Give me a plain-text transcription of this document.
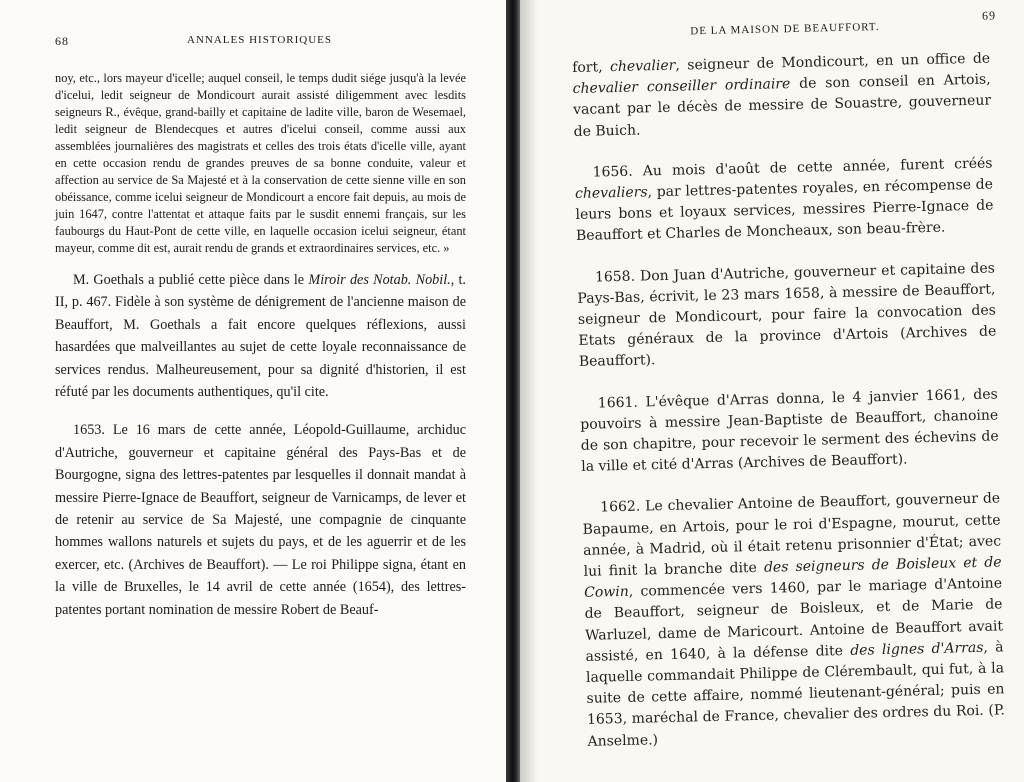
68	ANNALES HISTORIQUES
noy, etc., lors mayeur d'icelle; auquel conseil, le temps dudit siége jusqu'à la levée d'icelui, ledit seigneur de Mondicourt aurait assisté diligemment avec lesdits seigneurs R., évêque, grand-bailly et capitaine de ladite ville, baron de Wesemael, ledit seigneur de Blendecques et autres d'icelui conseil, comme aussi aux assemblées journalières des magistrats et celles des trois états d'icelle ville, ayant en cette occasion rendu de grandes preuves de sa bonne conduite, valeur et affection au service de Sa Majesté et à la conservation de cette sienne ville en son obéissance, comme icelui seigneur de Mondicourt a encore fait depuis, au mois de juin 1647, contre l'attentat et attaque faits par le susdit ennemi français, sur les faubourgs du Haut-Pont de cette ville, en laquelle occasion icelui seigneur, étant mayeur, comme dit est, aurait rendu de grands et extraordinaires services, etc. »

M. Goethals a publié cette pièce dans le Miroir des Notab. Nobil., t. II, p. 467. Fidèle à son système de dénigrement de l'ancienne maison de Beauffort, M. Goethals a fait encore quelques réflexions, aussi hasardées que malveillantes au sujet de cette loyale reconnaissance de services rendus. Malheureusement, pour sa dignité d'historien, il est réfuté par les documents authentiques, qu'il cite.

1653. Le 16 mars de cette année, Léopold-Guillaume, archiduc d'Autriche, gouverneur et capitaine général des Pays-Bas et de Bourgogne, signa des lettres-patentes par lesquelles il donnait mandat à messire Pierre-Ignace de Beauffort, seigneur de Varnicamps, de lever et de retenir au service de Sa Majesté, une compagnie de cinquante hommes wallons naturels et sujets du pays, et de les aguerrir et de les exercer, etc. (Archives de Beauffort). — Le roi Philippe signa, étant en la ville de Bruxelles, le 14 avril de cette année (1654), des lettres-patentes portant nomination de messire Robert de Beauf-

DE LA MAISON DE BEAUFFORT.
69

fort, chevalier, seigneur de Mondicourt, en un office de chevalier conseiller ordinaire de son conseil en Artois, vacant par le décès de messire de Souastre, gouverneur de Buich.

1656. Au mois d'août de cette année, furent créés chevaliers, par lettres-patentes royales, en récompense de leurs bons et loyaux services, messires Pierre-Ignace de Beauffort et Charles de Moncheaux, son beau-frère.

1658. Don Juan d'Autriche, gouverneur et capitaine des Pays-Bas, écrivit, le 23 mars 1658, à messire de Beauffort, seigneur de Mondicourt, pour faire la convocation des Etats généraux de la province d'Artois (Archives de Beauffort).

1661. L'évêque d'Arras donna, le 4 janvier 1661, des pouvoirs à messire Jean-Baptiste de Beauffort, chanoine de son chapitre, pour recevoir le serment des échevins de la ville et cité d'Arras (Archives de Beauffort).

1662. Le chevalier Antoine de Beauffort, gouverneur de Bapaume, en Artois, pour le roi d'Espagne, mourut, cette année, à Madrid, où il était retenu prisonnier d'État; avec lui finit la branche dite des seigneurs de Boisleux et de Cowin, commencée vers 1460, par le mariage d'Antoine de Beauffort, seigneur de Boisleux, et de Marie de Warluzel, dame de Maricourt. Antoine de Beauffort avait assisté, en 1640, à la défense dite des lignes d'Arras, à laquelle commandait Philippe de Clérembault, qui fut, à la suite de cette affaire, nommé lieutenant-général; puis en 1653, maréchal de France, chevalier des ordres du Roi. (P. Anselme.)
